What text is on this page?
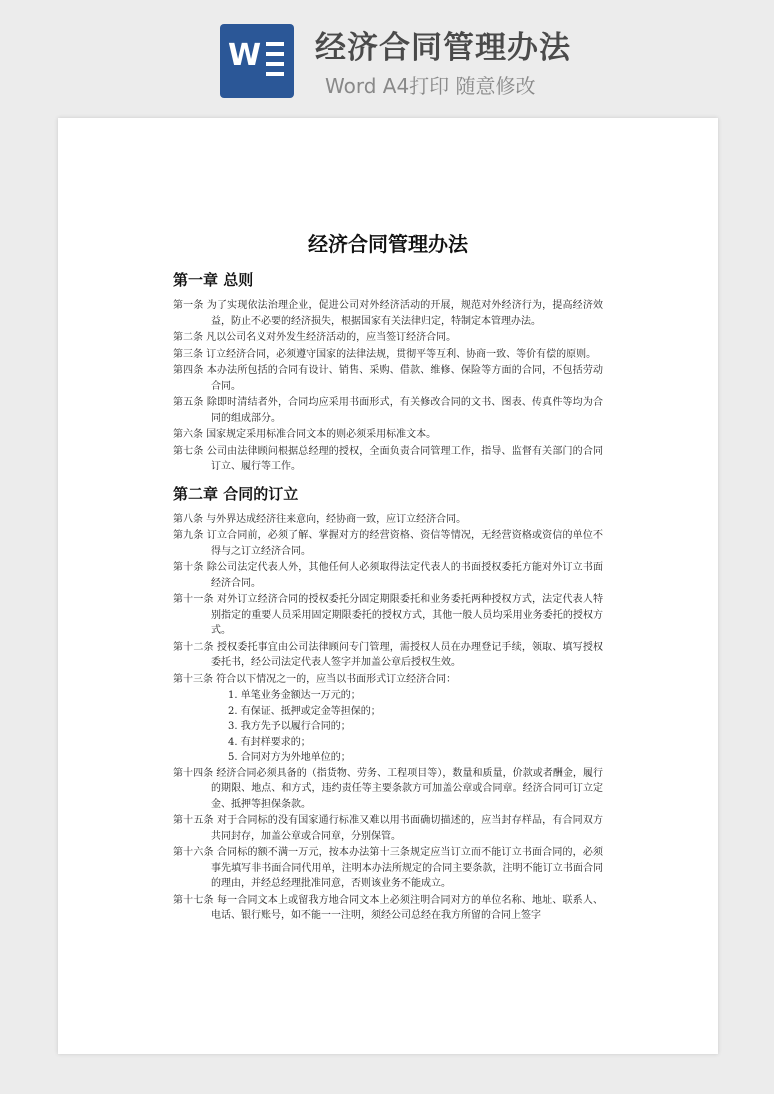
W 经济合同管理办法
Word A4打印 随意修改
经济合同管理办法
第一章 总则
第一条 为了实现依法治理企业，促进公司对外经济活动的开展，规范对外经济行为，提高经济效益，防止不必要的经济损失，根据国家有关法律归定，特制定本管理办法。
第二条 凡以公司名义对外发生经济活动的，应当签订经济合同。
第三条 订立经济合同，必须遵守国家的法律法规，贯彻平等互利、协商一致、等价有偿的原则。
第四条 本办法所包括的合同有设计、销售、采购、借款、维修、保险等方面的合同，不包括劳动合同。
第五条 除即时清结者外，合同均应采用书面形式，有关修改合同的文书、图表、传真件等均为合同的组成部分。
第六条 国家规定采用标准合同文本的则必须采用标准文本。
第七条 公司由法律顾问根据总经理的授权，全面负责合同管理工作，指导、监督有关部门的合同订立、履行等工作。
第二章 合同的订立
第八条 与外界达成经济往来意向，经协商一致，应订立经济合同。
第九条 订立合同前，必须了解、掌握对方的经营资格、资信等情况，无经营资格或资信的单位不得与之订立经济合同。
第十条 除公司法定代表人外，其他任何人必须取得法定代表人的书面授权委托方能对外订立书面经济合同。
第十一条 对外订立经济合同的授权委托分固定期限委托和业务委托两种授权方式，法定代表人特别指定的重要人员采用固定期限委托的授权方式，其他一般人员均采用业务委托的授权方式。
第十二条 授权委托事宜由公司法律顾问专门管理，需授权人员在办理登记手续，领取、填写授权委托书，经公司法定代表人签字并加盖公章后授权生效。
第十三条 符合以下情况之一的，应当以书面形式订立经济合同：
1. 单笔业务金额达一万元的；
2. 有保证、抵押或定金等担保的；
3. 我方先予以履行合同的；
4. 有封样要求的；
5. 合同对方为外地单位的；
第十四条 经济合同必须具备的（指货物、劳务、工程项目等），数量和质量，价款或者酬金，履行的期限、地点、和方式，违约责任等主要条款方可加盖公章或合同章。经济合同可订立定金、抵押等担保条款。
第十五条 对于合同标的没有国家通行标准又难以用书面确切描述的，应当封存样品，有合同双方共同封存，加盖公章或合同章，分别保管。
第十六条 合同标的额不满一万元，按本办法第十三条规定应当订立而不能订立书面合同的，必须事先填写非书面合同代用单，注明本办法所规定的合同主要条款，注明不能订立书面合同的理由，并经总经理批准同意，否则该业务不能成立。
第十七条 每一合同文本上或留我方地合同文本上必须注明合同对方的单位名称、地址、联系人、电话、银行账号，如不能一一注明，须经公司总经在我方所留的合同上签字
